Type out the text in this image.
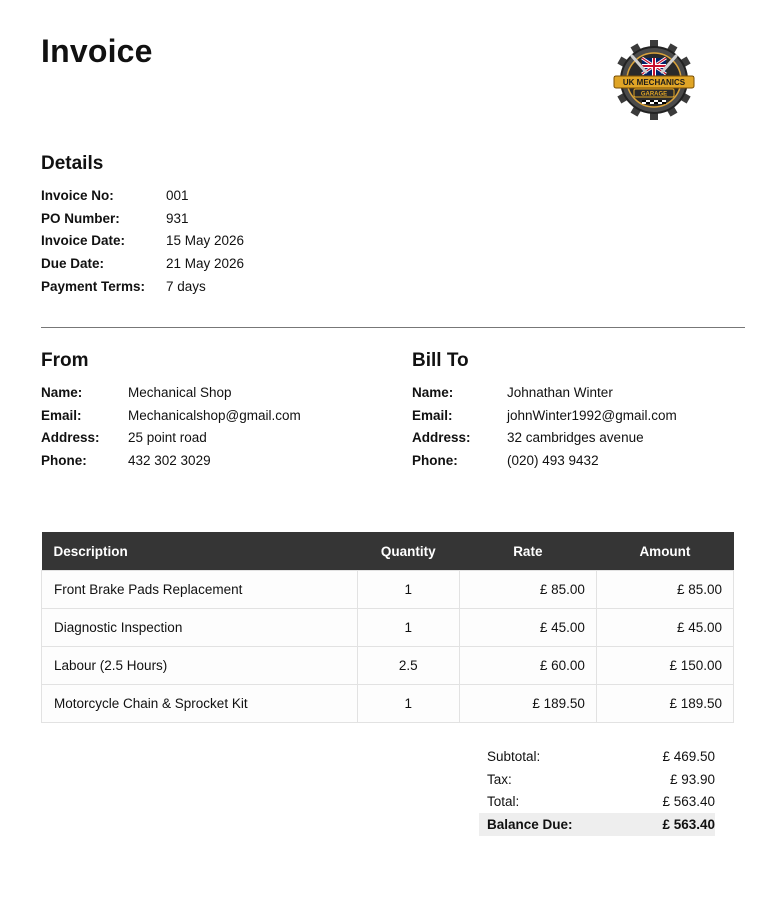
Invoice
UK MECHANICS
GARAGE
Details
Invoice No:	001
PO Number:	931
Invoice Date:	15 May 2026
Due Date:	21 May 2026
Payment Terms:	7 days
From
Name:	Mechanical Shop
Email:	Mechanicalshop@gmail.com
Address:	25 point road
Phone:	432 302 3029
Bill To
Name:	Johnathan Winter
Email:	johnWinter1992@gmail.com
Address:	32 cambridges avenue
Phone:	(020) 493 9432
Description	Quantity	Rate	Amount
Front Brake Pads Replacement	1	£ 85.00	£ 85.00
Diagnostic Inspection	1	£ 45.00	£ 45.00
Labour (2.5 Hours)	2.5	£ 60.00	£ 150.00
Motorcycle Chain & Sprocket Kit	1	£ 189.50	£ 189.50
Subtotal:	£ 469.50
Tax:	£ 93.90
Total:	£ 563.40
Balance Due:	£ 563.40
